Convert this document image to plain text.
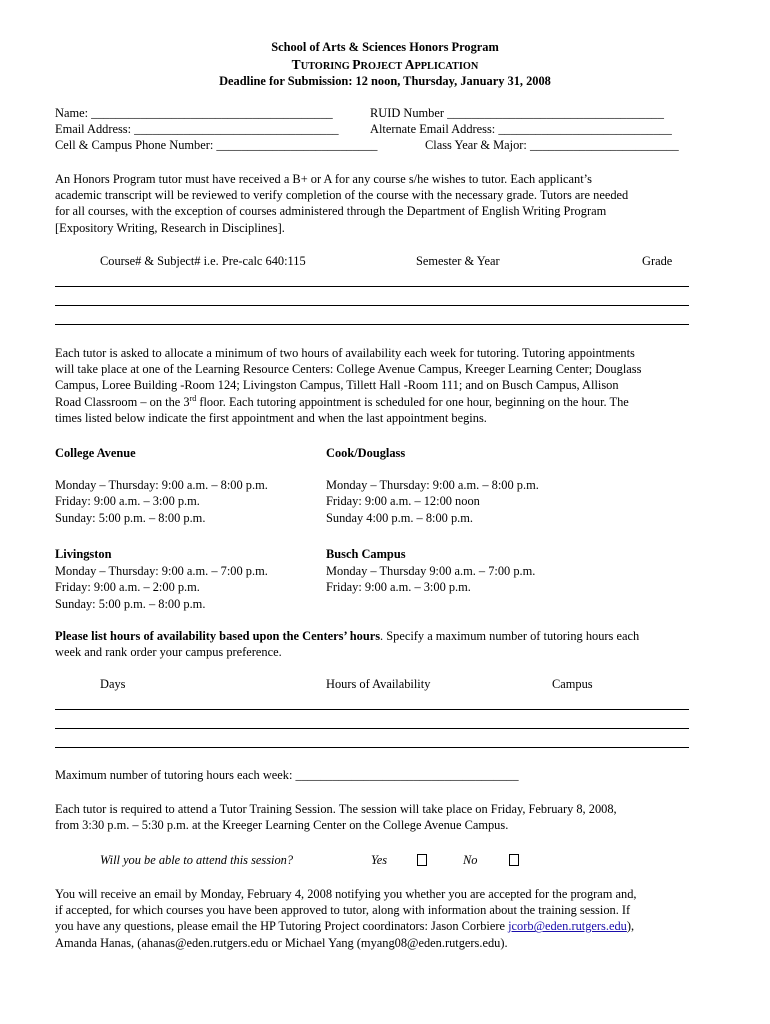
School of Arts & Sciences Honors Program
TUTORING PROJECT APPLICATION
Deadline for Submission: 12 noon, Thursday, January 31, 2008
Name: _______________________________________	RUID Number ___________________________________
Email Address: _________________________________	Alternate Email Address: ____________________________
Cell & Campus Phone Number: __________________________	Class Year & Major: ________________________
An Honors Program tutor must have received a B+ or A for any course s/he wishes to tutor. Each applicant’s
academic transcript will be reviewed to verify completion of the course with the necessary grade. Tutors are needed
for all courses, with the exception of courses administered through the Department of English Writing Program
[Expository Writing, Research in Disciplines].
Course# & Subject# i.e. Pre-calc 640:115	Semester & Year	Grade
Each tutor is asked to allocate a minimum of two hours of availability each week for tutoring. Tutoring appointments
will take place at one of the Learning Resource Centers: College Avenue Campus, Kreeger Learning Center; Douglass
Campus, Loree Building -Room 124; Livingston Campus, Tillett Hall -Room 111; and on Busch Campus, Allison
Road Classroom – on the 3rd floor. Each tutoring appointment is scheduled for one hour, beginning on the hour. The
times listed below indicate the first appointment and when the last appointment begins.
College Avenue
Monday – Thursday: 9:00 a.m. – 8:00 p.m.
Friday: 9:00 a.m. – 3:00 p.m.
Sunday: 5:00 p.m. – 8:00 p.m.
Cook/Douglass
Monday – Thursday: 9:00 a.m. – 8:00 p.m.
Friday: 9:00 a.m. – 12:00 noon
Sunday 4:00 p.m. – 8:00 p.m.
Livingston
Monday – Thursday: 9:00 a.m. – 7:00 p.m.
Friday: 9:00 a.m. – 2:00 p.m.
Sunday: 5:00 p.m. – 8:00 p.m.
Busch Campus
Monday – Thursday 9:00 a.m. – 7:00 p.m.
Friday: 9:00 a.m. – 3:00 p.m.
Please list hours of availability based upon the Centers’ hours. Specify a maximum number of tutoring hours each
week and rank order your campus preference.
Days	Hours of Availability	Campus
Maximum number of tutoring hours each week: ____________________________________
Each tutor is required to attend a Tutor Training Session. The session will take place on Friday, February 8, 2008,
from 3:30 p.m. – 5:30 p.m. at the Kreeger Learning Center on the College Avenue Campus.
Will you be able to attend this session?	Yes	No
You will receive an email by Monday, February 4, 2008 notifying you whether you are accepted for the program and,
if accepted, for which courses you have been approved to tutor, along with information about the training session. If
you have any questions, please email the HP Tutoring Project coordinators: Jason Corbiere jcorb@eden.rutgers.edu),
Amanda Hanas, (ahanas@eden.rutgers.edu or Michael Yang (myang08@eden.rutgers.edu).
